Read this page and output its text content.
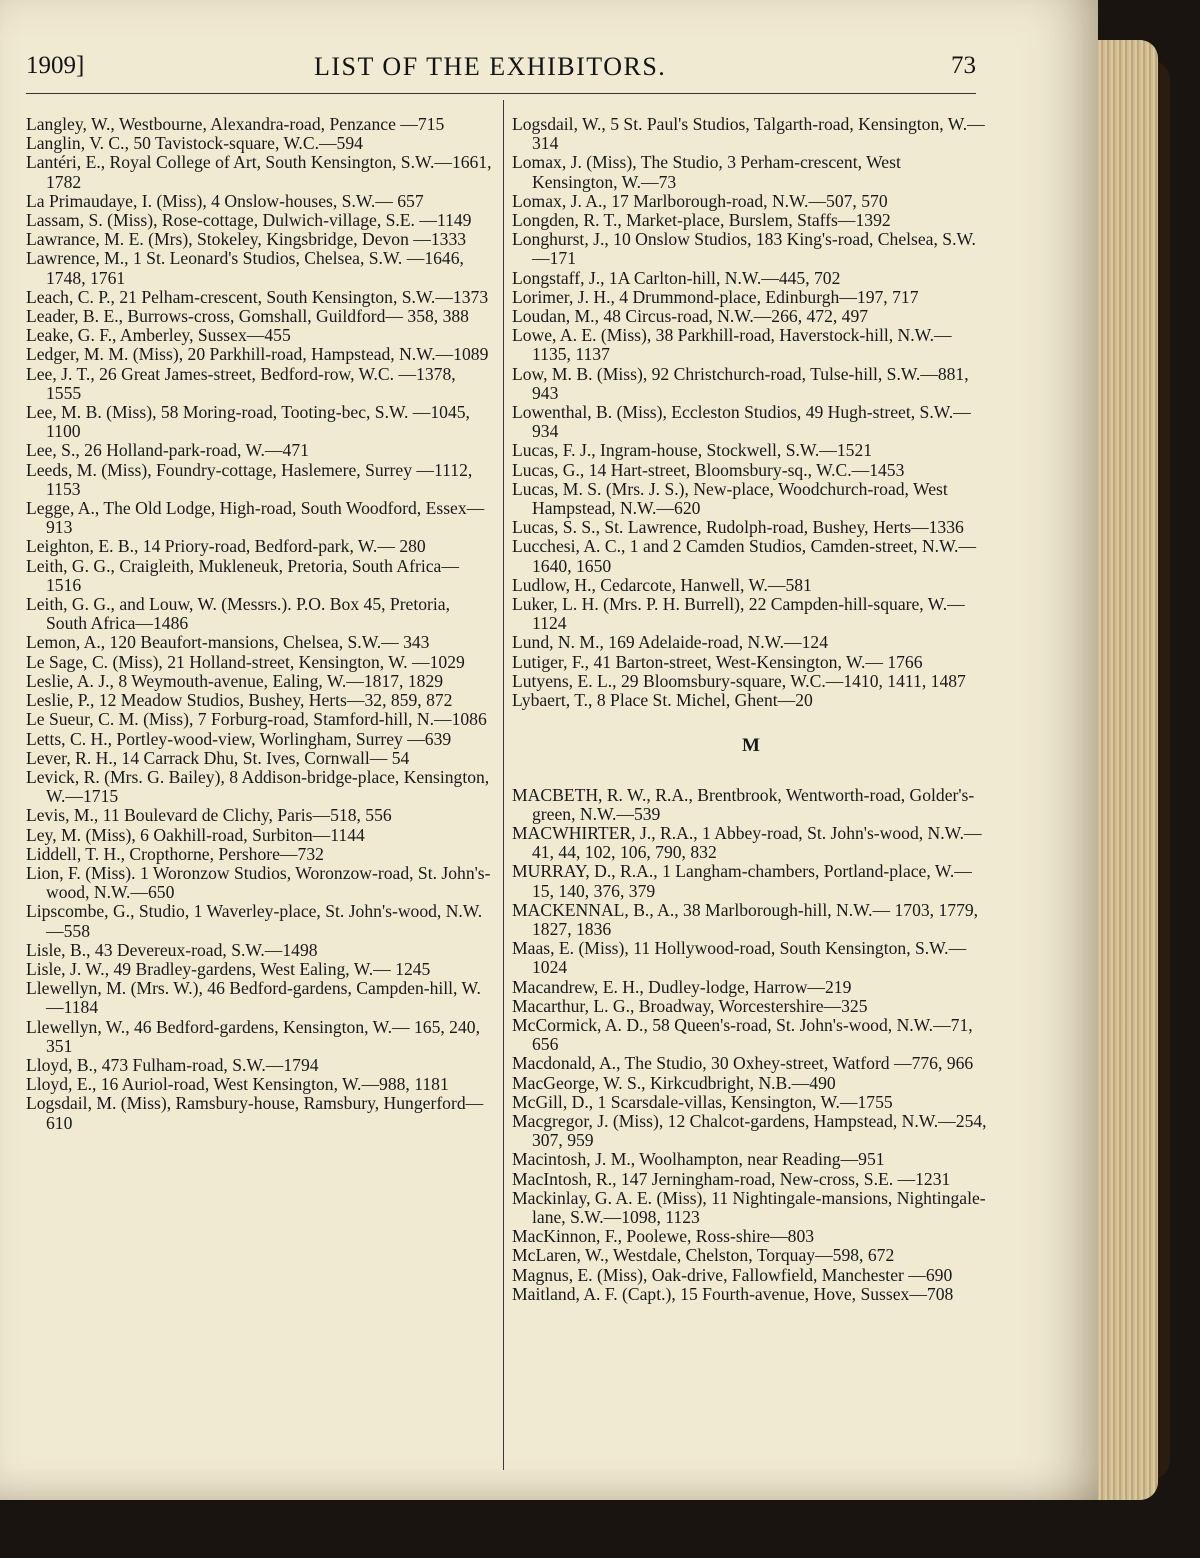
1909]	LIST OF THE EXHIBITORS.	73
Langley, W., Westbourne, Alexandra-road, Penzance —715
Langlin, V. C., 50 Tavistock-square, W.C.—594
Lantéri, E., Royal College of Art, South Kensington, S.W.—1661, 1782
La Primaudaye, I. (Miss), 4 Onslow-houses, S.W.— 657
Lassam, S. (Miss), Rose-cottage, Dulwich-village, S.E. —1149
Lawrance, M. E. (Mrs), Stokeley, Kingsbridge, Devon —1333
Lawrence, M., 1 St. Leonard's Studios, Chelsea, S.W. —1646, 1748, 1761
Leach, C. P., 21 Pelham-crescent, South Kensington, S.W.—1373
Leader, B. E., Burrows-cross, Gomshall, Guildford— 358, 388
Leake, G. F., Amberley, Sussex—455
Ledger, M. M. (Miss), 20 Parkhill-road, Hampstead, N.W.—1089
Lee, J. T., 26 Great James-street, Bedford-row, W.C. —1378, 1555
Lee, M. B. (Miss), 58 Moring-road, Tooting-bec, S.W. —1045, 1100
Lee, S., 26 Holland-park-road, W.—471
Leeds, M. (Miss), Foundry-cottage, Haslemere, Surrey —1112, 1153
Legge, A., The Old Lodge, High-road, South Woodford, Essex—913
Leighton, E. B., 14 Priory-road, Bedford-park, W.— 280
Leith, G. G., Craigleith, Mukleneuk, Pretoria, South Africa—1516
Leith, G. G., and Louw, W. (Messrs.). P.O. Box 45, Pretoria, South Africa—1486
Lemon, A., 120 Beaufort-mansions, Chelsea, S.W.— 343
Le Sage, C. (Miss), 21 Holland-street, Kensington, W. —1029
Leslie, A. J., 8 Weymouth-avenue, Ealing, W.—1817, 1829
Leslie, P., 12 Meadow Studios, Bushey, Herts—32, 859, 872
Le Sueur, C. M. (Miss), 7 Forburg-road, Stamford-hill, N.—1086
Letts, C. H., Portley-wood-view, Worlingham, Surrey —639
Lever, R. H., 14 Carrack Dhu, St. Ives, Cornwall— 54
Levick, R. (Mrs. G. Bailey), 8 Addison-bridge-place, Kensington, W.—1715
Levis, M., 11 Boulevard de Clichy, Paris—518, 556
Ley, M. (Miss), 6 Oakhill-road, Surbiton—1144
Liddell, T. H., Cropthorne, Pershore—732
Lion, F. (Miss). 1 Woronzow Studios, Woronzow-road, St. John's-wood, N.W.—650
Lipscombe, G., Studio, 1 Waverley-place, St. John's-wood, N.W.—558
Lisle, B., 43 Devereux-road, S.W.—1498
Lisle, J. W., 49 Bradley-gardens, West Ealing, W.— 1245
Llewellyn, M. (Mrs. W.), 46 Bedford-gardens, Campden-hill, W.—1184
Llewellyn, W., 46 Bedford-gardens, Kensington, W.— 165, 240, 351
Lloyd, B., 473 Fulham-road, S.W.—1794
Lloyd, E., 16 Auriol-road, West Kensington, W.—988, 1181
Logsdail, M. (Miss), Ramsbury-house, Ramsbury, Hungerford—610
Logsdail, W., 5 St. Paul's Studios, Talgarth-road, Kensington, W.—314
Lomax, J. (Miss), The Studio, 3 Perham-crescent, West Kensington, W.—73
Lomax, J. A., 17 Marlborough-road, N.W.—507, 570
Longden, R. T., Market-place, Burslem, Staffs—1392
Longhurst, J., 10 Onslow Studios, 183 King's-road, Chelsea, S.W.—171
Longstaff, J., 1A Carlton-hill, N.W.—445, 702
Lorimer, J. H., 4 Drummond-place, Edinburgh—197, 717
Loudan, M., 48 Circus-road, N.W.—266, 472, 497
Lowe, A. E. (Miss), 38 Parkhill-road, Haverstock-hill, N.W.—1135, 1137
Low, M. B. (Miss), 92 Christchurch-road, Tulse-hill, S.W.—881, 943
Lowenthal, B. (Miss), Eccleston Studios, 49 Hugh-street, S.W.—934
Lucas, F. J., Ingram-house, Stockwell, S.W.—1521
Lucas, G., 14 Hart-street, Bloomsbury-sq., W.C.—1453
Lucas, M. S. (Mrs. J. S.), New-place, Woodchurch-road, West Hampstead, N.W.—620
Lucas, S. S., St. Lawrence, Rudolph-road, Bushey, Herts—1336
Lucchesi, A. C., 1 and 2 Camden Studios, Camden-street, N.W.—1640, 1650
Ludlow, H., Cedarcote, Hanwell, W.—581
Luker, L. H. (Mrs. P. H. Burrell), 22 Campden-hill-square, W.—1124
Lund, N. M., 169 Adelaide-road, N.W.—124
Lutiger, F., 41 Barton-street, West-Kensington, W.— 1766
Lutyens, E. L., 29 Bloomsbury-square, W.C.—1410, 1411, 1487
Lybaert, T., 8 Place St. Michel, Ghent—20
M
MACBETH, R. W., R.A., Brentbrook, Wentworth-road, Golder's-green, N.W.—539
MACWHIRTER, J., R.A., 1 Abbey-road, St. John's-wood, N.W.—41, 44, 102, 106, 790, 832
MURRAY, D., R.A., 1 Langham-chambers, Portland-place, W.—15, 140, 376, 379
MACKENNAL, B., A., 38 Marlborough-hill, N.W.— 1703, 1779, 1827, 1836
Maas, E. (Miss), 11 Hollywood-road, South Kensington, S.W.—1024
Macandrew, E. H., Dudley-lodge, Harrow—219
Macarthur, L. G., Broadway, Worcestershire—325
McCormick, A. D., 58 Queen's-road, St. John's-wood, N.W.—71, 656
Macdonald, A., The Studio, 30 Oxhey-street, Watford —776, 966
MacGeorge, W. S., Kirkcudbright, N.B.—490
McGill, D., 1 Scarsdale-villas, Kensington, W.—1755
Macgregor, J. (Miss), 12 Chalcot-gardens, Hampstead, N.W.—254, 307, 959
Macintosh, J. M., Woolhampton, near Reading—951
MacIntosh, R., 147 Jerningham-road, New-cross, S.E. —1231
Mackinlay, G. A. E. (Miss), 11 Nightingale-mansions, Nightingale-lane, S.W.—1098, 1123
MacKinnon, F., Poolewe, Ross-shire—803
McLaren, W., Westdale, Chelston, Torquay—598, 672
Magnus, E. (Miss), Oak-drive, Fallowfield, Manchester —690
Maitland, A. F. (Capt.), 15 Fourth-avenue, Hove, Sussex—708
